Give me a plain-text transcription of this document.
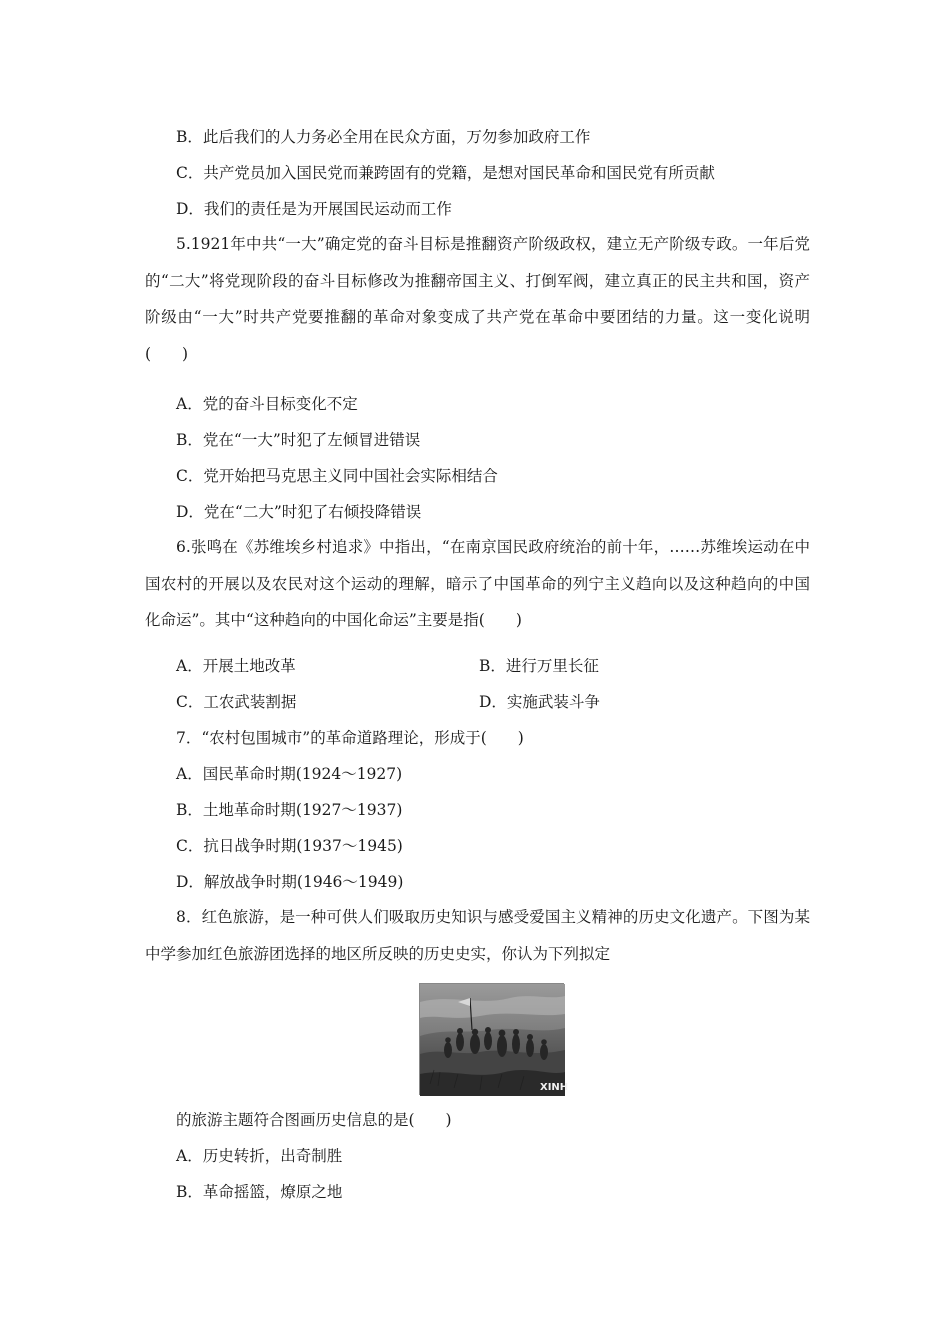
B．此后我们的人力务必全用在民众方面，万勿参加政府工作
C．共产党员加入国民党而兼跨固有的党籍，是想对国民革命和国民党有所贡献
D．我们的责任是为开展国民运动而工作
5.1921年中共“一大”确定党的奋斗目标是推翻资产阶级政权，建立无产阶级专政。一年后党的“二大”将党现阶段的奋斗目标修改为推翻帝国主义、打倒军阀，建立真正的民主共和国，资产阶级由“一大”时共产党要推翻的革命对象变成了共产党在革命中要团结的力量。这一变化说明(　　)
A．党的奋斗目标变化不定
B．党在“一大”时犯了左倾冒进错误
C．党开始把马克思主义同中国社会实际相结合
D．党在“二大”时犯了右倾投降错误
6.张鸣在《苏维埃乡村追求》中指出，“在南京国民政府统治的前十年，……苏维埃运动在中国农村的开展以及农民对这个运动的理解，暗示了中国革命的列宁主义趋向以及这种趋向的中国化命运”。其中“这种趋向的中国化命运”主要是指(　　)
A．开展土地改革	B．进行万里长征
C．工农武装割据	D．实施武装斗争
7．“农村包围城市”的革命道路理论，形成于(　　)
A．国民革命时期(1924～1927)
B．土地革命时期(1927～1937)
C．抗日战争时期(1937～1945)
D．解放战争时期(1946～1949)
8．红色旅游，是一种可供人们吸取历史知识与感受爱国主义精神的历史文化遗产。下图为某中学参加红色旅游团选择的地区所反映的历史史实，你认为下列拟定
XINH
的旅游主题符合图画历史信息的是(　　)
A．历史转折，出奇制胜
B．革命摇篮，燎原之地
